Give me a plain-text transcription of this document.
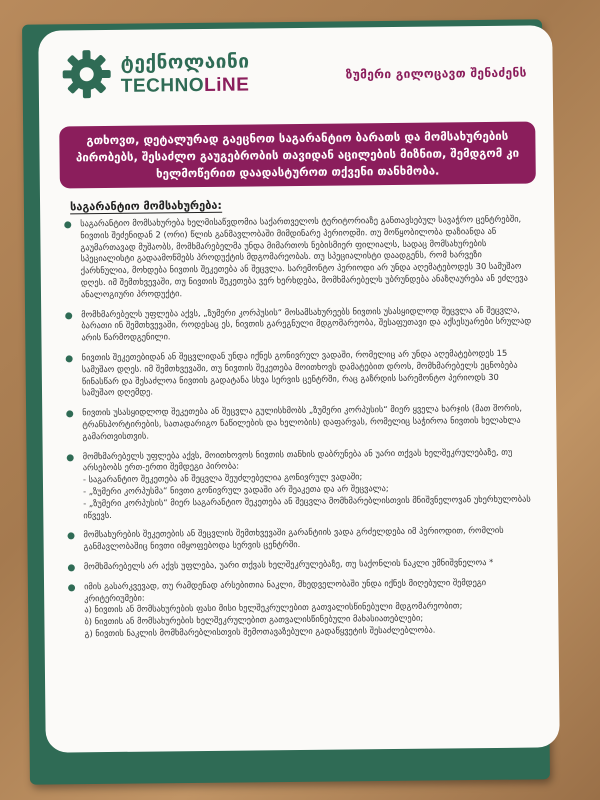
ტექნოლაინი
TECHNOLiNE
ზუმერი გილოცავთ შენაძენს
გთხოვთ, დეტალურად გაეცნოთ საგარანტიო ბარათს და მომსახურების პირობებს, შესაძლო გაუგებრობის თავიდან აცილების მიზნით, შემდგომ კი ხელმოწერით დაადასტუროთ თქვენი თანხმობა.
საგარანტიო მომსახურება:

საგარანტიო მომსახურება ხელმისაწვდომია საქართველოს ტერიტორიაზე განთავსებულ სავაჭრო ცენტრებში, ნივთის შეძენიდან 2 (ორი) წლის განმავლობაში მიმდინარე პერიოდში. თუ მოწყობილობა დაზიანდა ან გაუმართავად მუშაობს, მომხმარებელმა უნდა მიმართოს ნებისმიერ ფილიალს, სადაც მომსახურების სპეციალისტი გადაამოწმებს პროდუქტის მდგომარეობას. თუ სპეციალისტი დაადგენს, რომ ხარვეზი ქარხნულია, მოხდება ნივთის შეკეთება ან შეცვლა. სარემონტო პერიოდი არ უნდა აღემატებოდეს 30 სამუშაო დღეს. იმ შემთხვევაში, თუ ნივთის შეკეთება ვერ ხერხდება, მომხმარებელს უბრუნდება ანაზღაურება ან ეძლევა ანალოგიური პროდუქტი.

მომხმარებელს უფლება აქვს, „ზუმერი კორპუსის“ მოსამსახურეებს ნივთის უსასყიდლოდ შეცვლა ან შეცვლა, ბარათი ინ შემთხვევაში, როდესაც ეს, ნივთის გარეგნული მდგომარეობა, შესაფუთავი და აქსესუარები სრულად არის წარმოდგენილი.

ნივთის შეკეთებიდან ან შეცვლიდან უნდა იქნეს გონივრულ ვადაში, რომელიც არ უნდა აღემატებოდეს 15 სამუშაო დღეს. იმ შემთხვევაში, თუ ნივთის შეკეთება მოითხოვს დამატებით დროს, მომხმარებელს ეცნობება წინასწარ და შესაძლოა ნივთის გადატანა სხვა სერვის ცენტრში, რაც გაზრდის სარემონტო პერიოდს 30 სამუშაო დღემდე.

ნივთის უსასყიდლოდ შეკეთება ან შეცვლა გულისხმობს „ზუმერი კორპუსის“ მიერ ყველა ხარჯის (მათ შორის, ტრანსპორტირების, სათადარიგო ნაწილების და ხელობის) დაფარვას, რომელიც საჭიროა ნივთის ხელახლა გამართვისთვის.

მომხმარებელს უფლება აქვს, მოითხოვოს ნივთის თანხის დაბრუნება ან უარი თქვას ხელშეკრულებაზე, თუ არსებობს ერთ-ერთი შემდეგი პირობა:
- საგარანტიო შეკეთება ან შეცვლა შეუძლებელია გონივრულ ვადაში;
- „ზუმერი კორპუსმა“ ნივთი გონივრულ ვადაში არ შეაკეთა და არ შეცვალა;
- „ზუმერი კორპუსის“ მიერ საგარანტიო შეკეთება ან შეცვლა მომხმარებლისთვის მნიშვნელოვან უხერხულობას იწვევს.

მომსახურების შეკეთების ან შეცვლის შემთხვევაში გარანტიის ვადა გრძელდება იმ პერიოდით, რომლის განმავლობაშიც ნივთი იმყოფებოდა სერვის ცენტრში.

მომხმარებელს არ აქვს უფლება, უარი თქვას ხელშეკრულებაზე, თუ საქონლის ნაკლი უმნიშვნელოა *

იმის გასარკვევად, თუ რამდენად არსებითია ნაკლი, მხედველობაში უნდა იქნეს მიღებული შემდეგი კრიტერიუმები:
ა) ნივთის ან მომსახურების ფასი მისი ხელშეკრულებით გათვალისწინებული მდგომარეობით;
ბ) ნივთის ან მომსახურების ხელშეკრულებით გათვალისწინებული მახასიათებლები;
გ) ნივთის ნაკლის მომხმარებლისთვის შემოთავაზებული გადაწყვეტის შესაძლებლობა.
